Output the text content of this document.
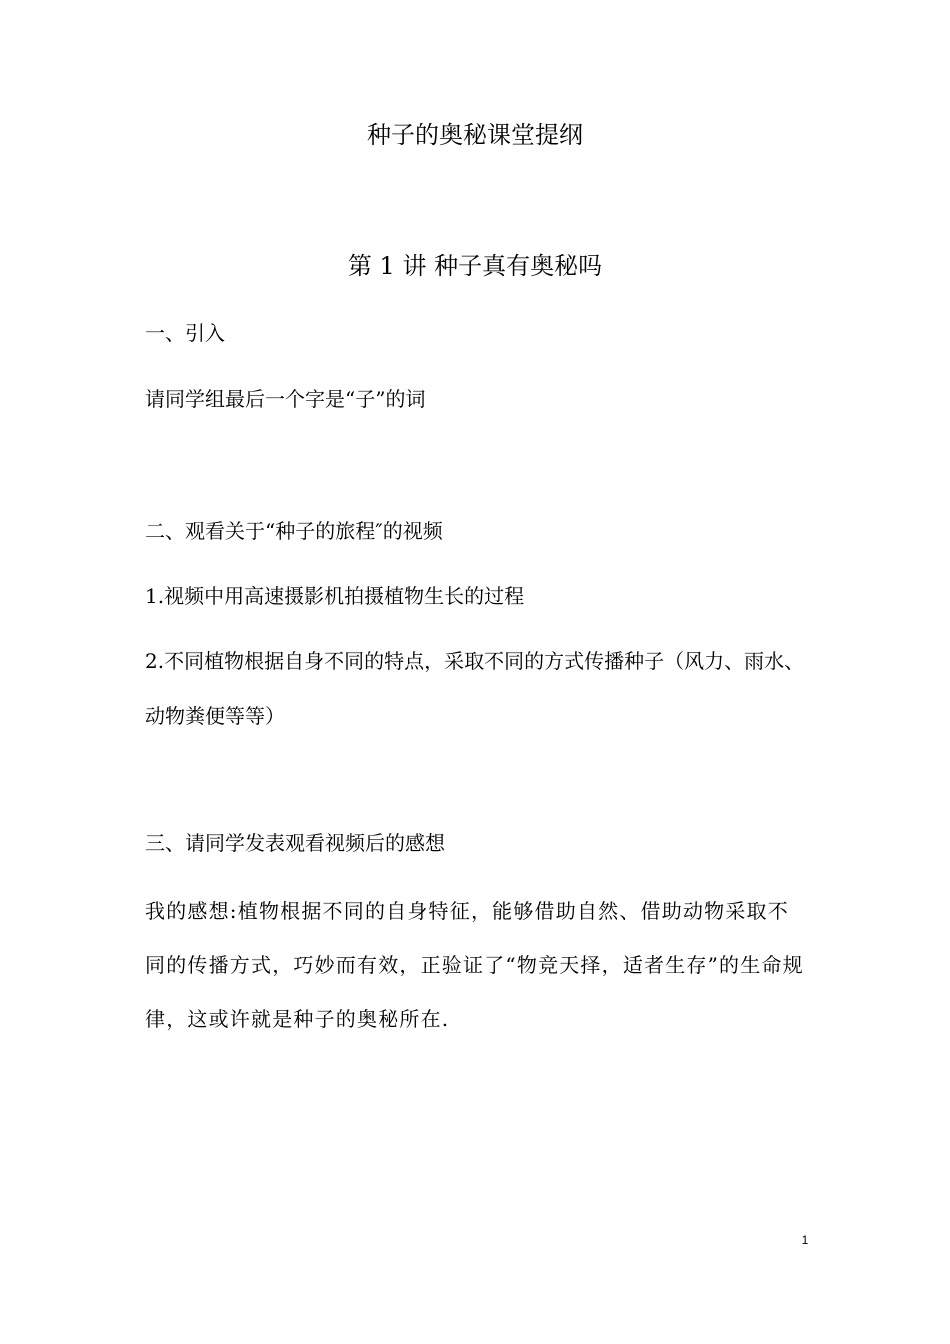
种子的奥秘课堂提纲
第 1 讲 种子真有奥秘吗

一、引入

请同学组最后一个字是“子”的词

二、观看关于“种子的旅程″的视频

1.视频中用高速摄影机拍摄植物生长的过程

2.不同植物根据自身不同的特点，采取不同的方式传播种子（风力、雨水、动物粪便等等）

三、请同学发表观看视频后的感想

我的感想:植物根据不同的自身特征，能够借助自然、借助动物采取不同的传播方式，巧妙而有效，正验证了“物竞天择，适者生存”的生命规律，这或许就是种子的奥秘所在.

1
